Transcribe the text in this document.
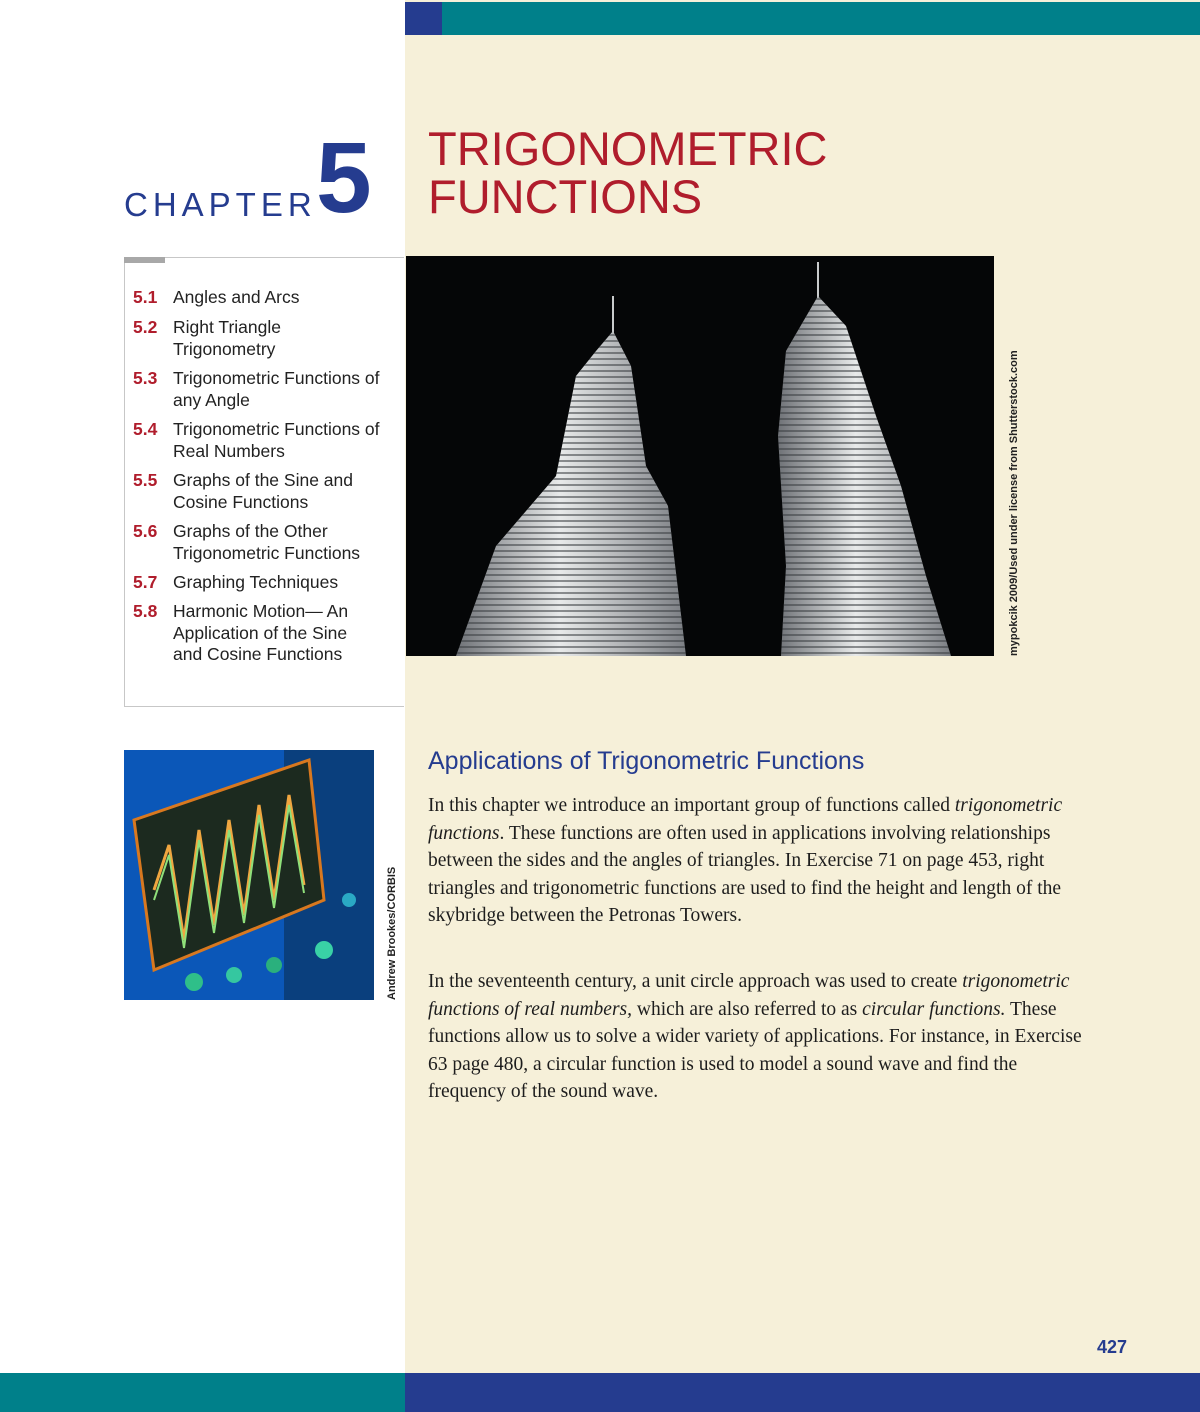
CHAPTER 5 TRIGONOMETRIC
FUNCTIONS
5.1 Angles and Arcs
5.2 Right Triangle Trigonometry
5.3 Trigonometric Functions of any Angle
5.4 Trigonometric Functions of Real Numbers
5.5 Graphs of the Sine and Cosine Functions
5.6 Graphs of the Other Trigonometric Functions
5.7 Graphing Techniques
5.8 Harmonic Motion— An Application of the Sine and Cosine Functions	mypokcik 2009/Used under license from Shutterstock.com
Andrew Brookes/CORBIS
Applications of Trigonometric Functions
In this chapter we introduce an important group of functions called trigonometric functions. These functions are often used in applications involving relationships between the sides and the angles of triangles. In Exercise 71 on page 453, right triangles and trigonometric functions are used to find the height and length of the skybridge between the Petronas Towers.
In the seventeenth century, a unit circle approach was used to create trigonometric functions of real numbers, which are also referred to as circular functions. These functions allow us to solve a wider variety of applications. For instance, in Exercise 63 page 480, a circular function is used to model a sound wave and find the frequency of the sound wave.
427
